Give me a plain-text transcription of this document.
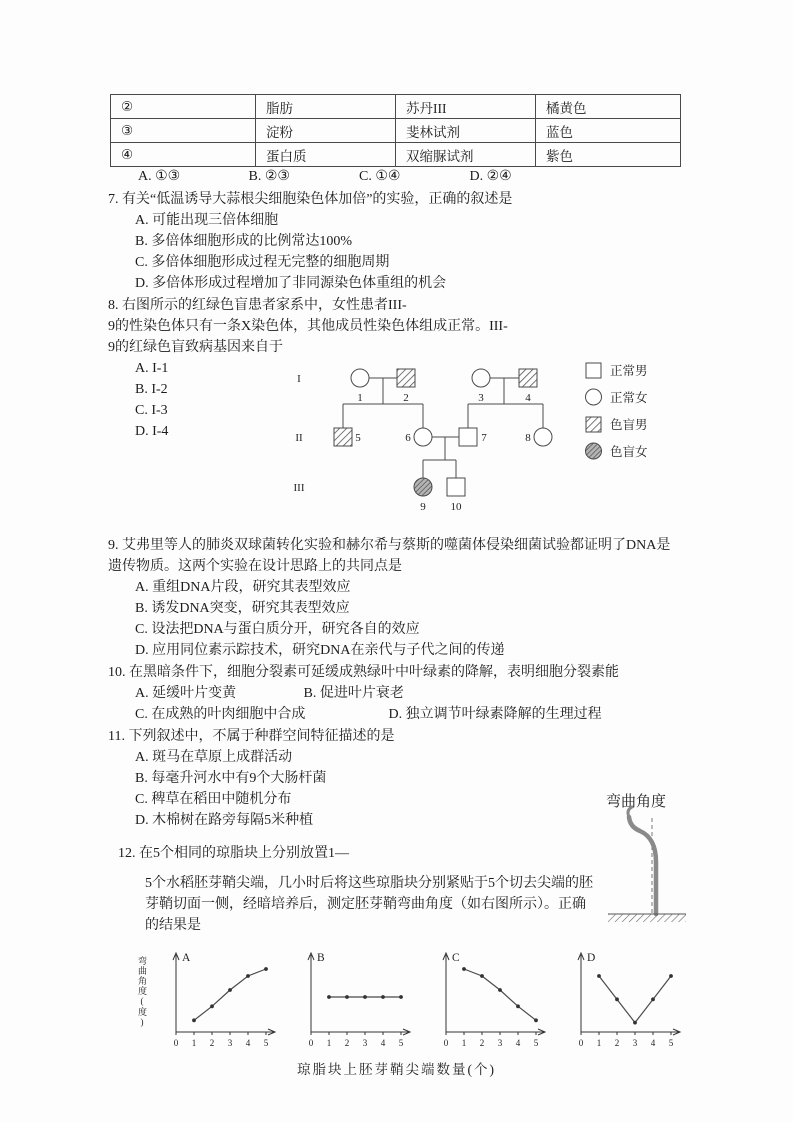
②	脂肪	苏丹III	橘黄色
③	淀粉	斐林试剂	蓝色
④	蛋白质	双缩脲试剂	紫色
A. ①③	B. ②③	C. ①④	D. ②④
7. 有关“低温诱导大蒜根尖细胞染色体加倍”的实验，正确的叙述是
A. 可能出现三倍体细胞
B. 多倍体细胞形成的比例常达100%
C. 多倍体细胞形成过程无完整的细胞周期
D. 多倍体形成过程增加了非同源染色体重组的机会
8. 右图所示的红绿色盲患者家系中，女性患者III-
9的性染色体只有一条X染色体，其他成员性染色体组成正常。III-
9的红绿色盲致病基因来自于
A. I-1
B. I-2
C. I-3
D. I-4
I
II
III
1	2	3	4
5	6	7	8
9 10
正常男
正常女
色盲男
色盲女
9. 艾弗里等人的肺炎双球菌转化实验和赫尔希与蔡斯的噬菌体侵染细菌试验都证明了DNA是
遗传物质。这两个实验在设计思路上的共同点是
A. 重组DNA片段，研究其表型效应
B. 诱发DNA突变，研究其表型效应
C. 设法把DNA与蛋白质分开，研究各自的效应
D. 应用同位素示踪技术，研究DNA在亲代与子代之间的传递
10. 在黑暗条件下，细胞分裂素可延缓成熟绿叶中叶绿素的降解，表明细胞分裂素能
A. 延缓叶片变黄	B. 促进叶片衰老
C. 在成熟的叶肉细胞中合成	D. 独立调节叶绿素降解的生理过程
11. 下列叙述中，不属于种群空间特征描述的是
A. 斑马在草原上成群活动
B. 每毫升河水中有9个大肠杆菌
C. 稗草在稻田中随机分布
D. 木棉树在路旁每隔5米种植
12. 在5个相同的琼脂块上分别放置1—
5个水稻胚芽鞘尖端，几小时后将这些琼脂块分别紧贴于5个切去尖端的胚
芽鞘切面一侧，经暗培养后，测定胚芽鞘弯曲角度（如右图所示）。正确
的结果是
弯曲角度
弯曲角度(度)
0 1 2 3 4 5
A
0 1 2 3 4 5
B
0 1 2 3 4 5
C
0 1 2 3 4 5
D
琼脂块上胚芽鞘尖端数量(个)
